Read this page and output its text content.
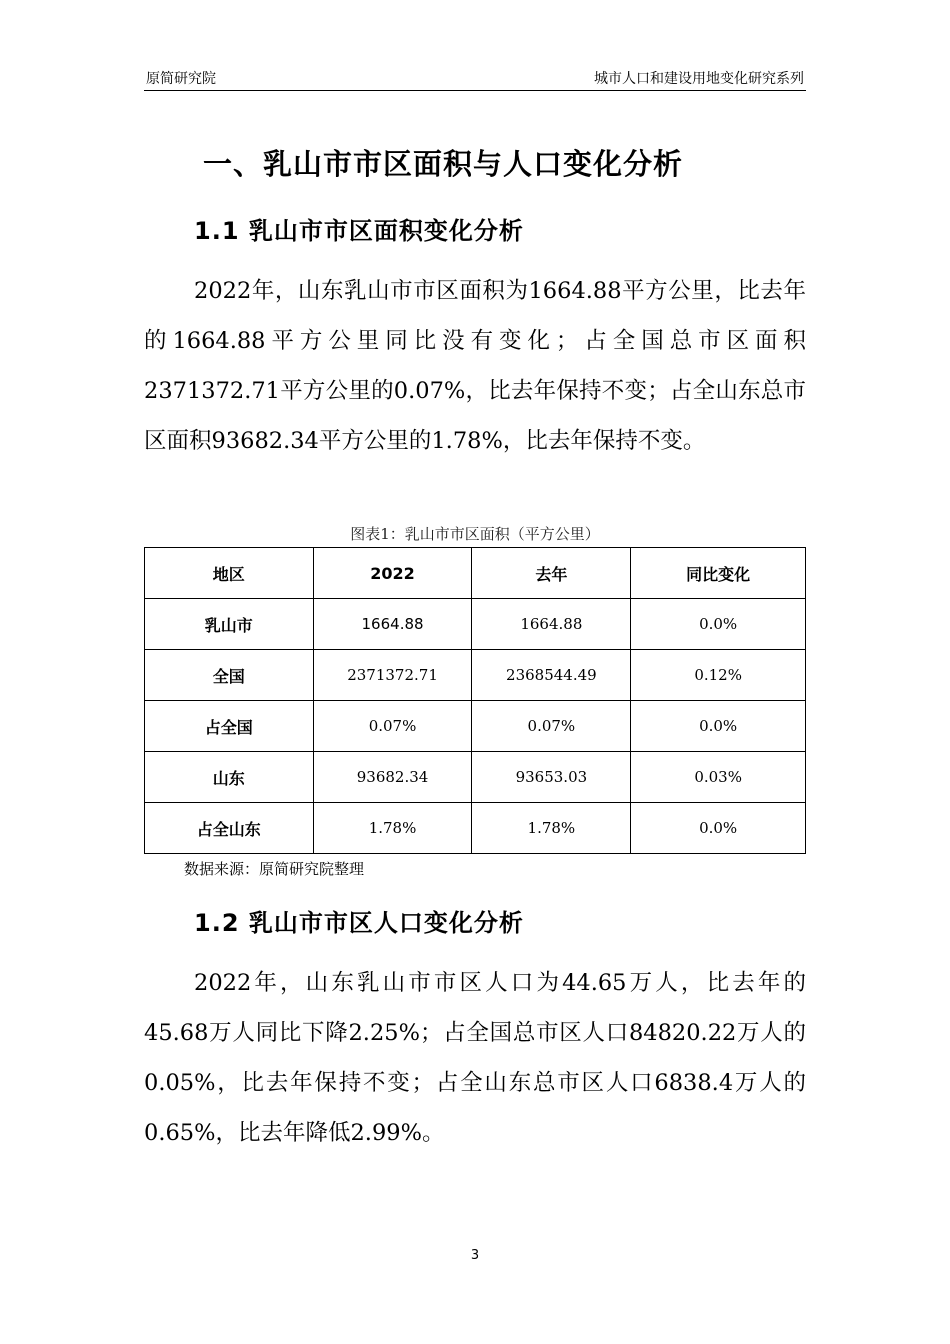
原简研究院	城市人口和建设用地变化研究系列
一、乳山市市区面积与人口变化分析
1.1 乳山市市区面积变化分析
2022年，山东乳山市市区面积为1664.88平方公里，比去年的1664.88平方公里同比没有变化；占全国总市区面积2371372.71平方公里的0.07%，比去年保持不变；占全山东总市区面积93682.34平方公里的1.78%，比去年保持不变。
图表1：乳山市市区面积（平方公里）
地区	2022	去年	同比变化
乳山市	1664.88	1664.88	0.0%
全国	2371372.71	2368544.49	0.12%
占全国	0.07%	0.07%	0.0%
山东	93682.34	93653.03	0.03%
占全山东	1.78%	1.78%	0.0%
数据来源：原简研究院整理
1.2 乳山市市区人口变化分析
2022年，山东乳山市市区人口为44.65万人，比去年的45.68万人同比下降2.25%；占全国总市区人口84820.22万人的0.05%，比去年保持不变；占全山东总市区人口6838.4万人的0.65%，比去年降低2.99%。
3
